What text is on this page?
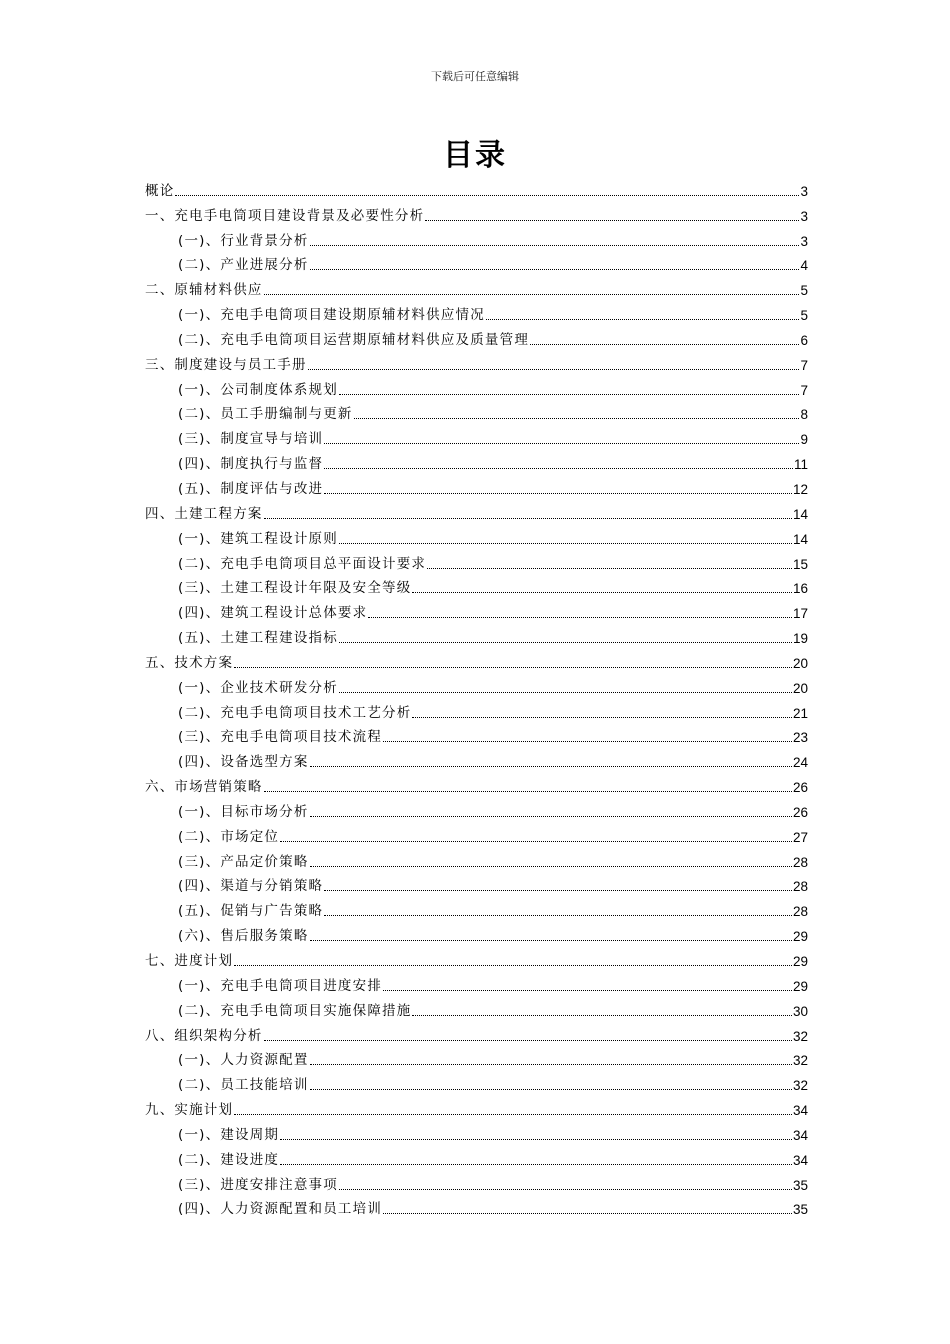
下载后可任意编辑
目录
概论	3
一、充电手电筒项目建设背景及必要性分析	3
(一)、行业背景分析	3
(二)、产业进展分析	4
二、原辅材料供应	5
(一)、充电手电筒项目建设期原辅材料供应情况	5
(二)、充电手电筒项目运营期原辅材料供应及质量管理	6
三、制度建设与员工手册	7
(一)、公司制度体系规划	7
(二)、员工手册编制与更新	8
(三)、制度宣导与培训	9
(四)、制度执行与监督	11
(五)、制度评估与改进	12
四、土建工程方案	14
(一)、建筑工程设计原则	14
(二)、充电手电筒项目总平面设计要求	15
(三)、土建工程设计年限及安全等级	16
(四)、建筑工程设计总体要求	17
(五)、土建工程建设指标	19
五、技术方案	20
(一)、企业技术研发分析	20
(二)、充电手电筒项目技术工艺分析	21
(三)、充电手电筒项目技术流程	23
(四)、设备选型方案	24
六、市场营销策略	26
(一)、目标市场分析	26
(二)、市场定位	27
(三)、产品定价策略	28
(四)、渠道与分销策略	28
(五)、促销与广告策略	28
(六)、售后服务策略	29
七、进度计划	29
(一)、充电手电筒项目进度安排	29
(二)、充电手电筒项目实施保障措施	30
八、组织架构分析	32
(一)、人力资源配置	32
(二)、员工技能培训	32
九、实施计划	34
(一)、建设周期	34
(二)、建设进度	34
(三)、进度安排注意事项	35
(四)、人力资源配置和员工培训	35
